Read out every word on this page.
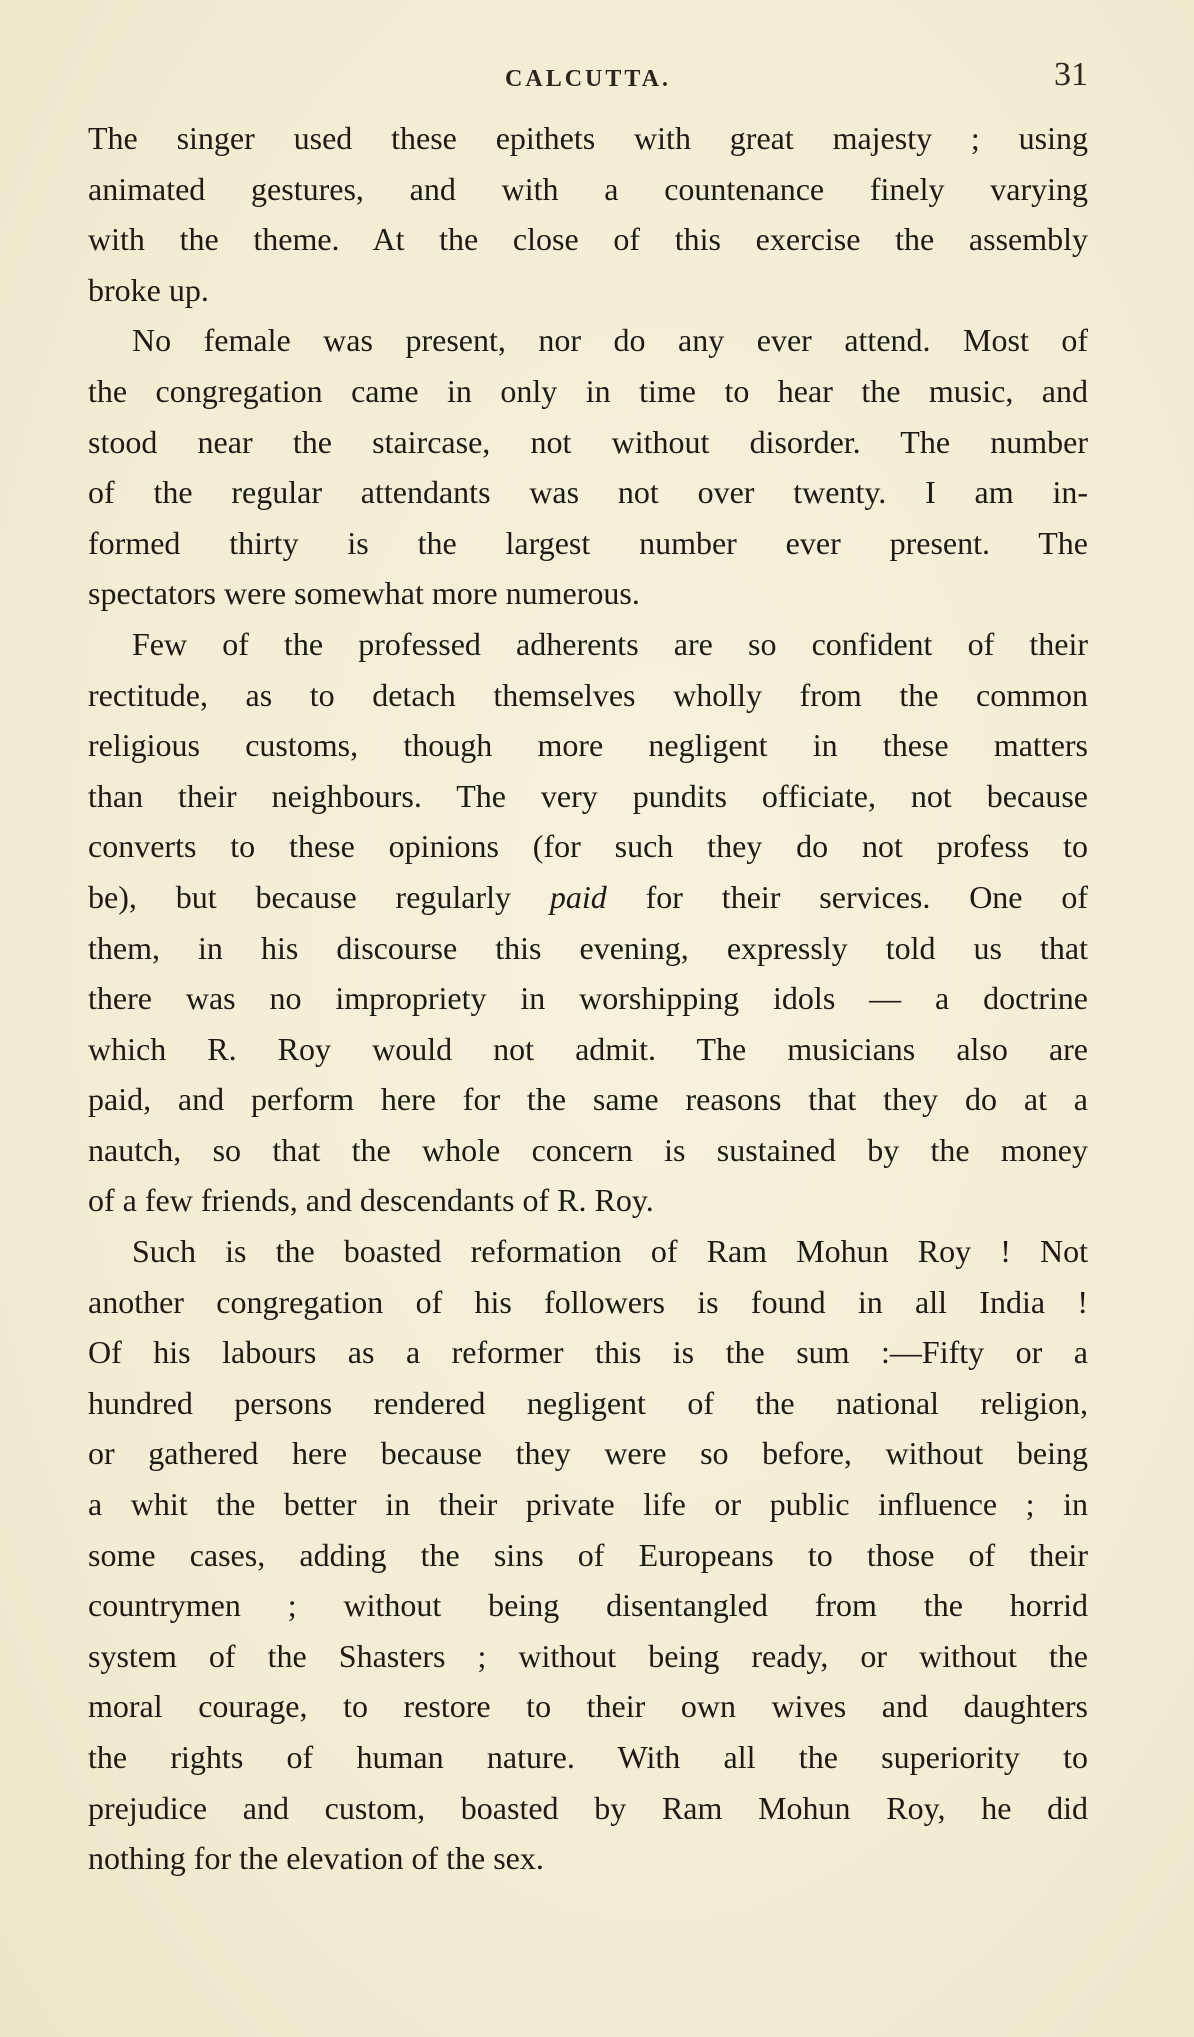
CALCUTTA.	31
The singer used these epithets with great majesty ; using
animated gestures, and with a countenance finely varying
with the theme. At the close of this exercise the assembly
broke up.
No female was present, nor do any ever attend. Most of
the congregation came in only in time to hear the music, and
stood near the staircase, not without disorder. The number
of the regular attendants was not over twenty. I am in-
formed thirty is the largest number ever present. The
spectators were somewhat more numerous.
Few of the professed adherents are so confident of their
rectitude, as to detach themselves wholly from the common
religious customs, though more negligent in these matters
than their neighbours. The very pundits officiate, not because
converts to these opinions (for such they do not profess to
be), but because regularly paid for their services. One of
them, in his discourse this evening, expressly told us that
there was no impropriety in worshipping idols — a doctrine
which R. Roy would not admit. The musicians also are
paid, and perform here for the same reasons that they do at a
nautch, so that the whole concern is sustained by the money
of a few friends, and descendants of R. Roy.
Such is the boasted reformation of Ram Mohun Roy ! Not
another congregation of his followers is found in all India !
Of his labours as a reformer this is the sum :—Fifty or a
hundred persons rendered negligent of the national religion,
or gathered here because they were so before, without being
a whit the better in their private life or public influence ; in
some cases, adding the sins of Europeans to those of their
countrymen ; without being disentangled from the horrid
system of the Shasters ; without being ready, or without the
moral courage, to restore to their own wives and daughters
the rights of human nature. With all the superiority to
prejudice and custom, boasted by Ram Mohun Roy, he did
nothing for the elevation of the sex.
